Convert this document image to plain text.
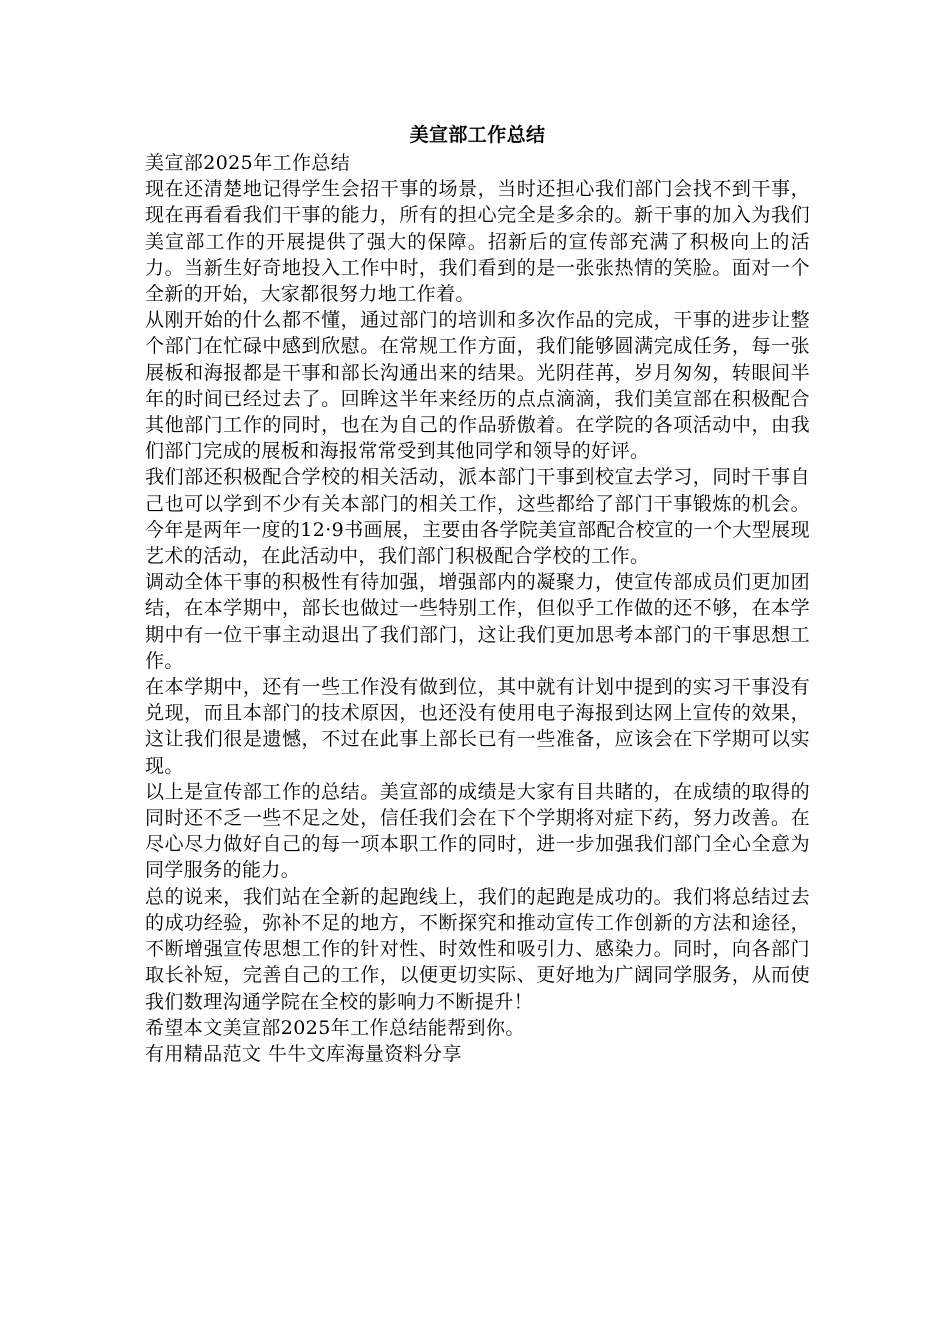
美宣部工作总结

美宣部2025年工作总结

现在还清楚地记得学生会招干事的场景，当时还担心我们部门会找不到干事，现在再看看我们干事的能力，所有的担心完全是多余的。新干事的加入为我们美宣部工作的开展提供了强大的保障。招新后的宣传部充满了积极向上的活力。当新生好奇地投入工作中时，我们看到的是一张张热情的笑脸。面对一个全新的开始，大家都很努力地工作着。

从刚开始的什么都不懂，通过部门的培训和多次作品的完成，干事的进步让整个部门在忙碌中感到欣慰。在常规工作方面，我们能够圆满完成任务，每一张展板和海报都是干事和部长沟通出来的结果。光阴荏苒，岁月匆匆，转眼间半年的时间已经过去了。回眸这半年来经历的点点滴滴，我们美宣部在积极配合其他部门工作的同时，也在为自己的作品骄傲着。在学院的各项活动中，由我们部门完成的展板和海报常常受到其他同学和领导的好评。

我们部还积极配合学校的相关活动，派本部门干事到校宣去学习，同时干事自己也可以学到不少有关本部门的相关工作，这些都给了部门干事锻炼的机会。今年是两年一度的12·9书画展，主要由各学院美宣部配合校宣的一个大型展现艺术的活动，在此活动中，我们部门积极配合学校的工作。

调动全体干事的积极性有待加强，增强部内的凝聚力，使宣传部成员们更加团结，在本学期中，部长也做过一些特别工作，但似乎工作做的还不够，在本学期中有一位干事主动退出了我们部门，这让我们更加思考本部门的干事思想工作。

在本学期中，还有一些工作没有做到位，其中就有计划中提到的实习干事没有兑现，而且本部门的技术原因，也还没有使用电子海报到达网上宣传的效果，这让我们很是遗憾，不过在此事上部长已有一些准备，应该会在下学期可以实现。

以上是宣传部工作的总结。美宣部的成绩是大家有目共睹的，在成绩的取得的同时还不乏一些不足之处，信任我们会在下个学期将对症下药，努力改善。在尽心尽力做好自己的每一项本职工作的同时，进一步加强我们部门全心全意为同学服务的能力。

总的说来，我们站在全新的起跑线上，我们的起跑是成功的。我们将总结过去的成功经验，弥补不足的地方，不断探究和推动宣传工作创新的方法和途径，不断增强宣传思想工作的针对性、时效性和吸引力、感染力。同时，向各部门取长补短，完善自己的工作，以便更切实际、更好地为广阔同学服务，从而使我们数理沟通学院在全校的影响力不断提升！

希望本文美宣部2025年工作总结能帮到你。

有用精品范文 牛牛文库海量资料分享
